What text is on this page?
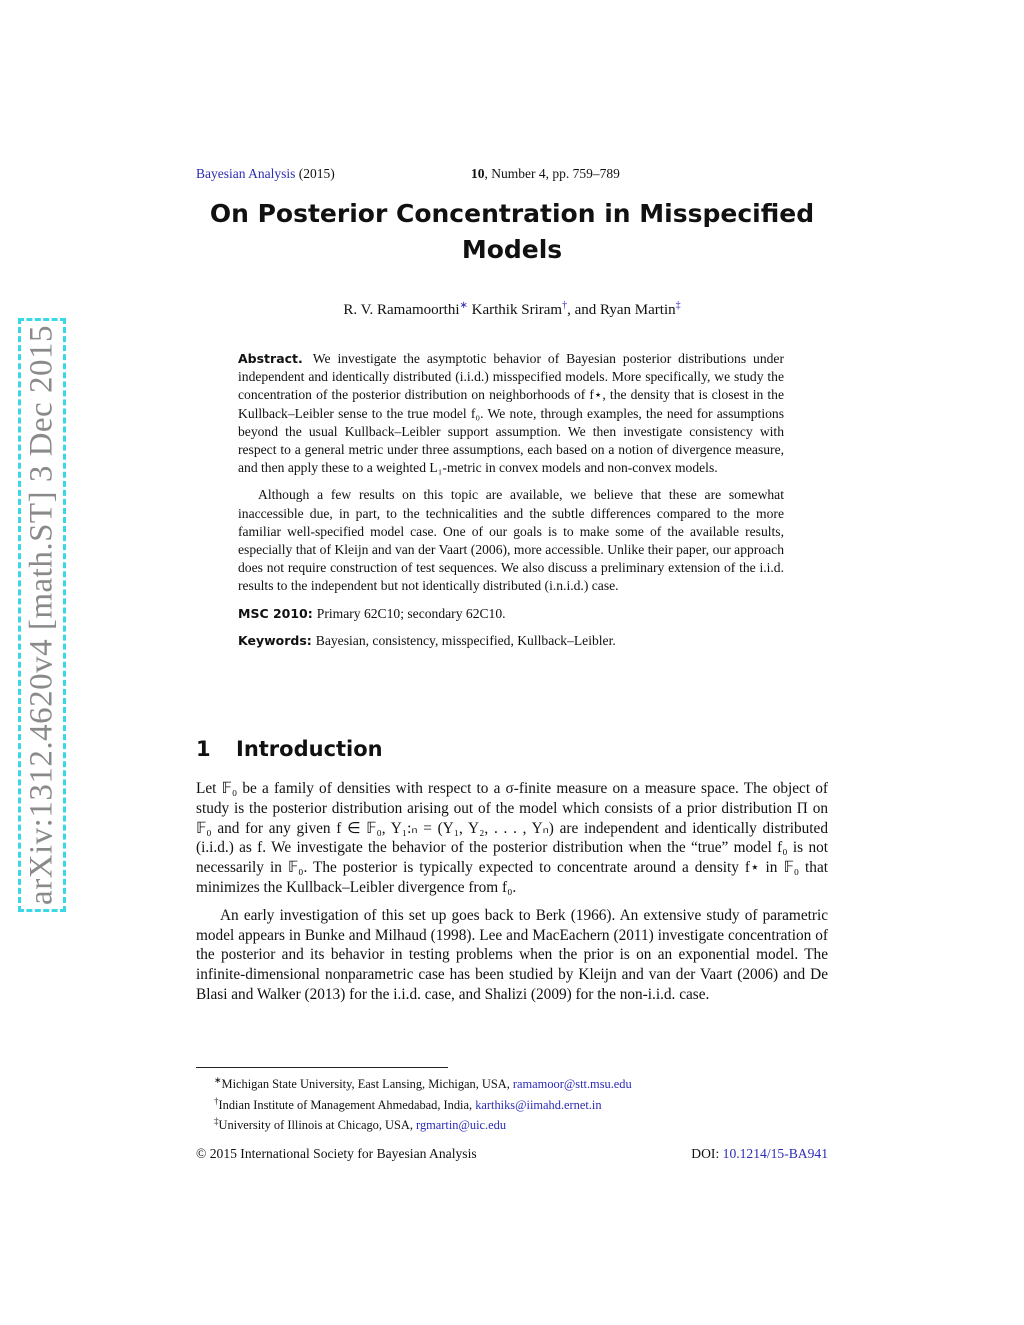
arXiv:1312.4620v4 [math.ST] 3 Dec 2015
Bayesian Analysis (2015)	10, Number 4, pp. 759–789
On Posterior Concentration in Misspecified
Models
R. V. Ramamoorthi∗ Karthik Sriram†, and Ryan Martin‡

Abstract. We investigate the asymptotic behavior of Bayesian posterior distributions under independent and identically distributed (i.i.d.) misspecified models. More specifically, we study the concentration of the posterior distribution on neighborhoods of f⋆, the density that is closest in the Kullback–Leibler sense to the true model f₀. We note, through examples, the need for assumptions beyond the usual Kullback–Leibler support assumption. We then investigate consistency with respect to a general metric under three assumptions, each based on a notion of divergence measure, and then apply these to a weighted L₁-metric in convex models and non-convex models.

Although a few results on this topic are available, we believe that these are somewhat inaccessible due, in part, to the technicalities and the subtle differences compared to the more familiar well-specified model case. One of our goals is to make some of the available results, especially that of Kleijn and van der Vaart (2006), more accessible. Unlike their paper, our approach does not require construction of test sequences. We also discuss a preliminary extension of the i.i.d. results to the independent but not identically distributed (i.n.i.d.) case.

MSC 2010: Primary 62C10; secondary 62C10.

Keywords: Bayesian, consistency, misspecified, Kullback–Leibler.

1 Introduction

Let 𝔽₀ be a family of densities with respect to a σ-finite measure on a measure space. The object of study is the posterior distribution arising out of the model which consists of a prior distribution Π on 𝔽₀ and for any given f ∈ 𝔽₀, Y₁:ₙ = (Y₁, Y₂, . . . , Yₙ) are independent and identically distributed (i.i.d.) as f. We investigate the behavior of the posterior distribution when the “true” model f₀ is not necessarily in 𝔽₀. The posterior is typically expected to concentrate around a density f⋆ in 𝔽₀ that minimizes the Kullback–Leibler divergence from f₀.

An early investigation of this set up goes back to Berk (1966). An extensive study of parametric model appears in Bunke and Milhaud (1998). Lee and MacEachern (2011) investigate concentration of the posterior and its behavior in testing problems when the prior is on an exponential model. The infinite-dimensional nonparametric case has been studied by Kleijn and van der Vaart (2006) and De Blasi and Walker (2013) for the i.i.d. case, and Shalizi (2009) for the non-i.i.d. case.

∗Michigan State University, East Lansing, Michigan, USA, ramamoor@stt.msu.edu
†Indian Institute of Management Ahmedabad, India, karthiks@iimahd.ernet.in
‡University of Illinois at Chicago, USA, rgmartin@uic.edu
© 2015 International Society for Bayesian Analysis	DOI: 10.1214/15-BA941
